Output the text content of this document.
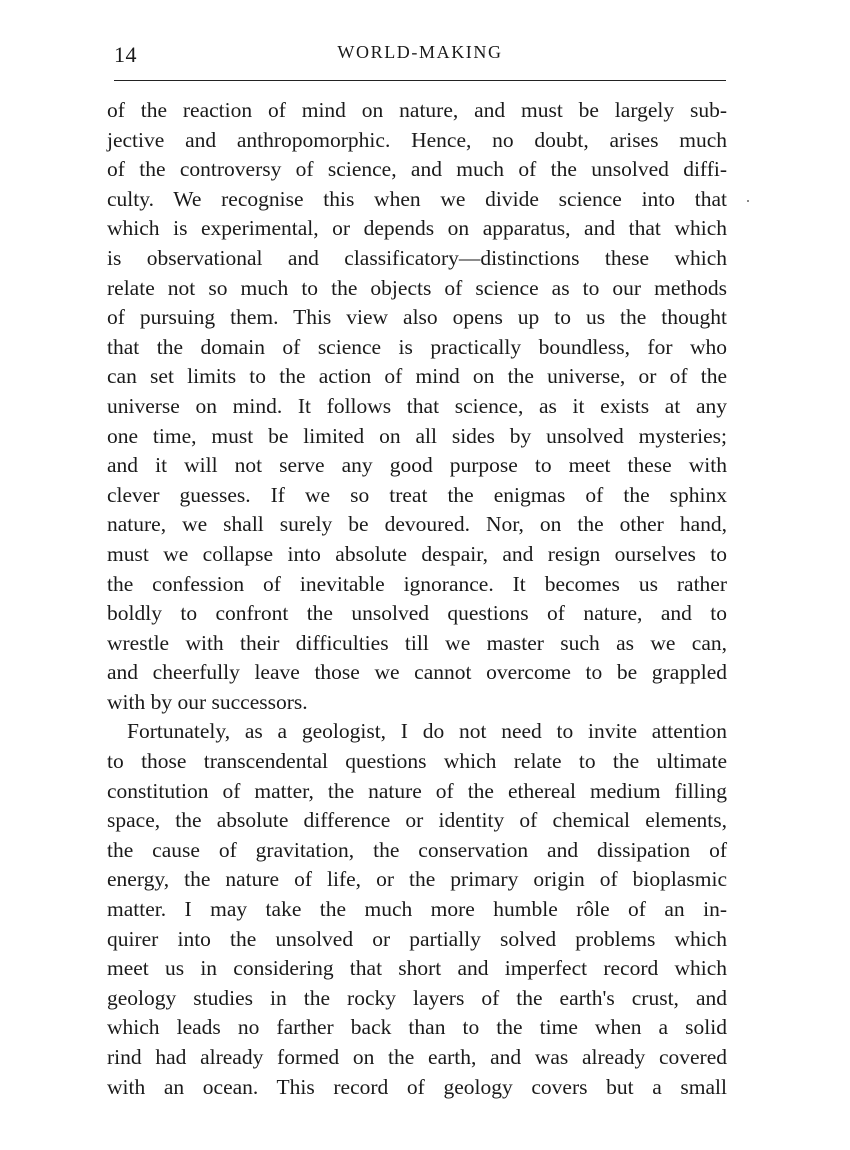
14	WORLD-MAKING
of the reaction of mind on nature, and must be largely sub-
jective and anthropomorphic. Hence, no doubt, arises much
of the controversy of science, and much of the unsolved diffi-
culty. We recognise this when we divide science into that
which is experimental, or depends on apparatus, and that which
is observational and classificatory—distinctions these which
relate not so much to the objects of science as to our methods
of pursuing them. This view also opens up to us the thought
that the domain of science is practically boundless, for who
can set limits to the action of mind on the universe, or of the
universe on mind. It follows that science, as it exists at any
one time, must be limited on all sides by unsolved mysteries;
and it will not serve any good purpose to meet these with
clever guesses. If we so treat the enigmas of the sphinx
nature, we shall surely be devoured. Nor, on the other hand,
must we collapse into absolute despair, and resign ourselves to
the confession of inevitable ignorance. It becomes us rather
boldly to confront the unsolved questions of nature, and to
wrestle with their difficulties till we master such as we can,
and cheerfully leave those we cannot overcome to be grappled
with by our successors.
Fortunately, as a geologist, I do not need to invite attention
to those transcendental questions which relate to the ultimate
constitution of matter, the nature of the ethereal medium filling
space, the absolute difference or identity of chemical elements,
the cause of gravitation, the conservation and dissipation of
energy, the nature of life, or the primary origin of bioplasmic
matter. I may take the much more humble rôle of an in-
quirer into the unsolved or partially solved problems which
meet us in considering that short and imperfect record which
geology studies in the rocky layers of the earth's crust, and
which leads no farther back than to the time when a solid
rind had already formed on the earth, and was already covered
with an ocean. This record of geology covers but a small
